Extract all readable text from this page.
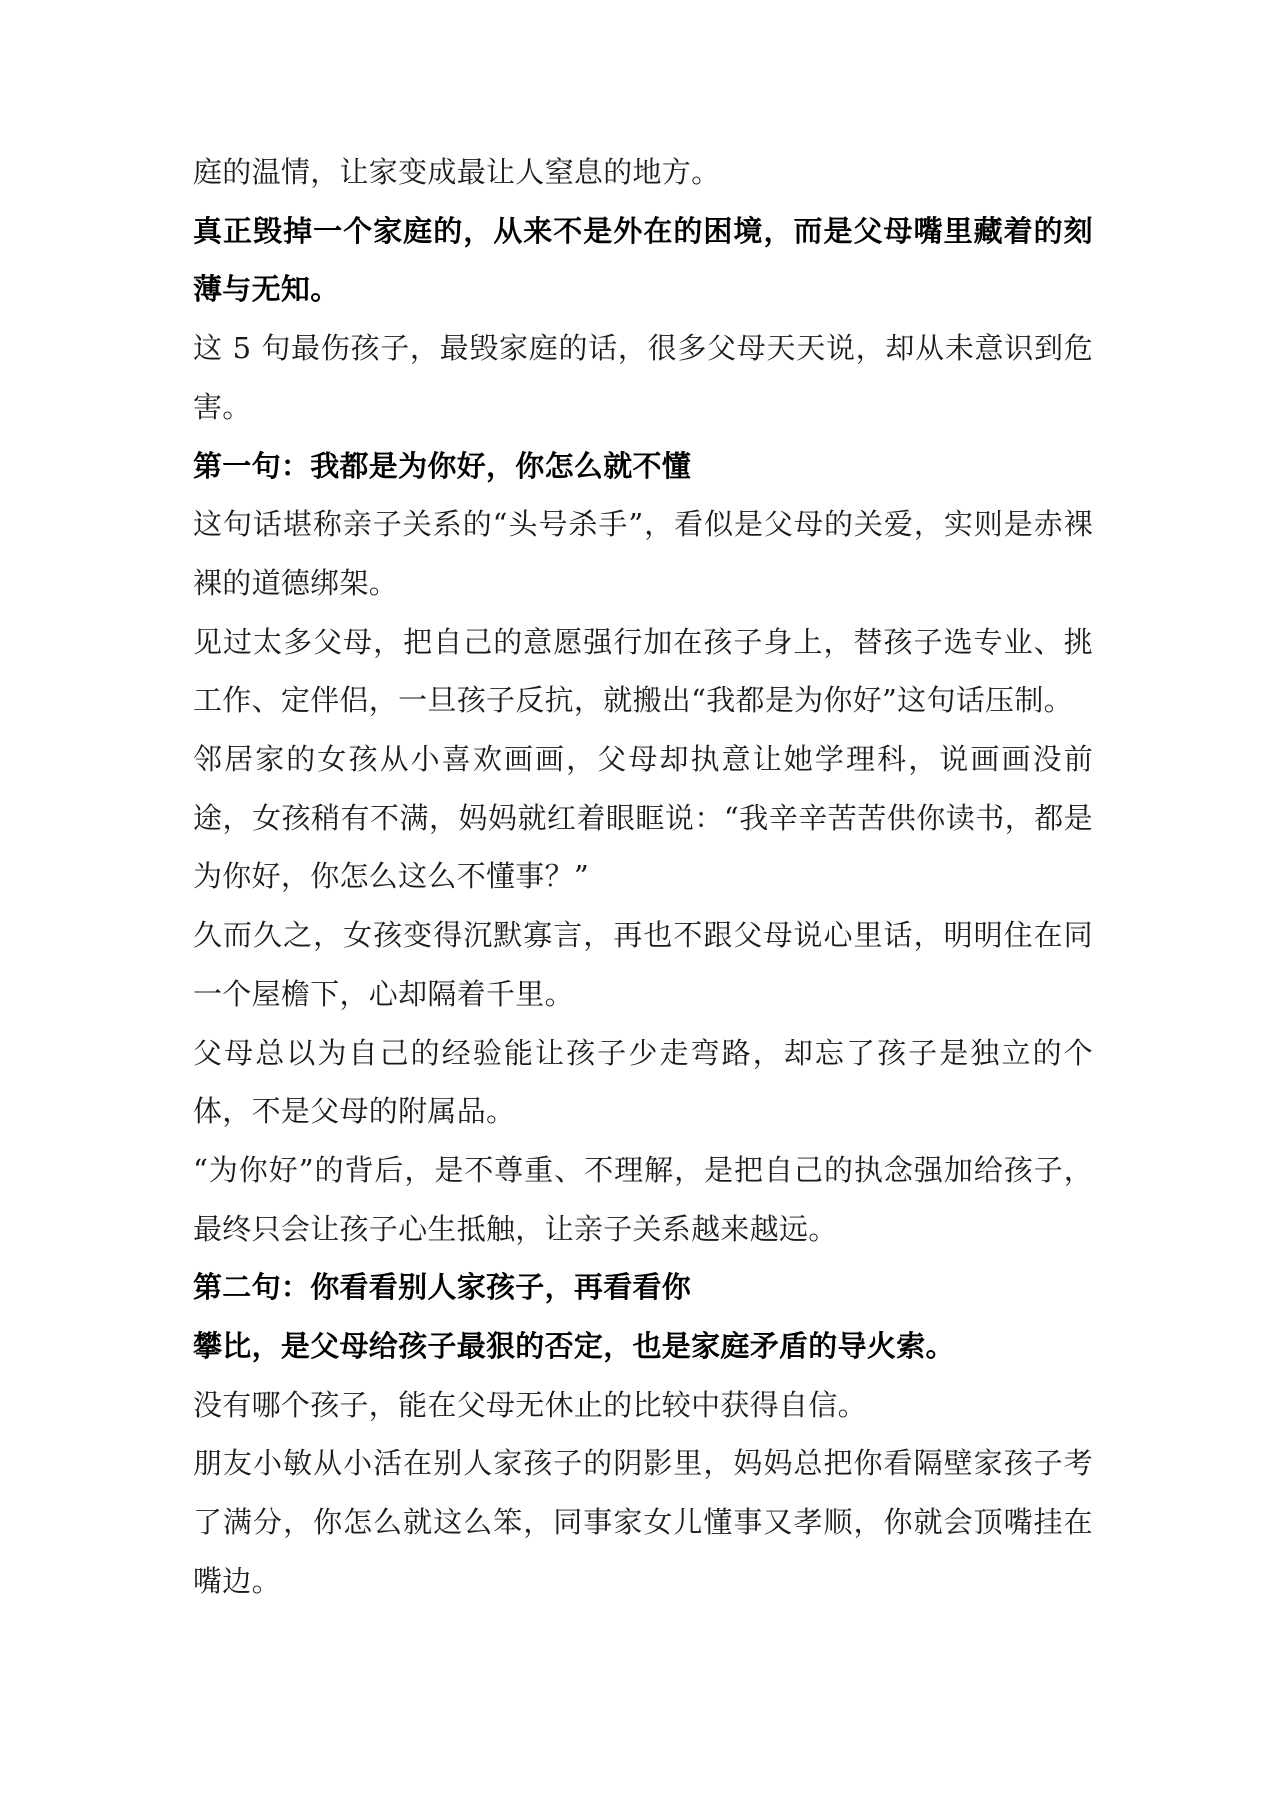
庭的温情，让家变成最让人窒息的地方。

真正毁掉一个家庭的，从来不是外在的困境，而是父母嘴里藏着的刻薄与无知。

这 5 句最伤孩子，最毁家庭的话，很多父母天天说，却从未意识到危害。

第一句：我都是为你好，你怎么就不懂

这句话堪称亲子关系的“头号杀手”，看似是父母的关爱，实则是赤裸裸的道德绑架。

见过太多父母，把自己的意愿强行加在孩子身上，替孩子选专业、挑工作、定伴侣，一旦孩子反抗，就搬出“我都是为你好”这句话压制。

邻居家的女孩从小喜欢画画，父母却执意让她学理科，说画画没前途，女孩稍有不满，妈妈就红着眼眶说：“我辛辛苦苦供你读书，都是为你好，你怎么这么不懂事？”

久而久之，女孩变得沉默寡言，再也不跟父母说心里话，明明住在同一个屋檐下，心却隔着千里。

父母总以为自己的经验能让孩子少走弯路，却忘了孩子是独立的个体，不是父母的附属品。

“为你好”的背后，是不尊重、不理解，是把自己的执念强加给孩子，最终只会让孩子心生抵触，让亲子关系越来越远。

第二句：你看看别人家孩子，再看看你

攀比，是父母给孩子最狠的否定，也是家庭矛盾的导火索。

没有哪个孩子，能在父母无休止的比较中获得自信。

朋友小敏从小活在别人家孩子的阴影里，妈妈总把你看隔壁家孩子考了满分，你怎么就这么笨，同事家女儿懂事又孝顺，你就会顶嘴挂在嘴边。
